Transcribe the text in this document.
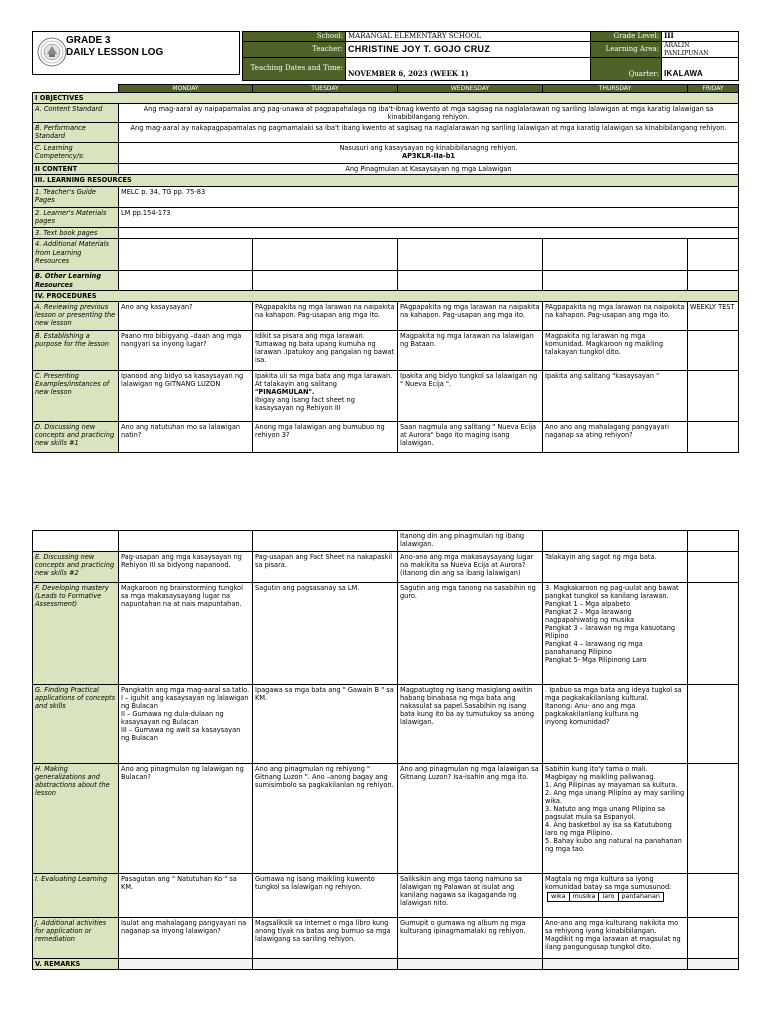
GRADE 3
DAILY LESSON LOG
School:	MARANGAL ELEMENTARY SCHOOL	Grade Level:	III
Teacher:	CHRISTINE JOY T. GOJO CRUZ	Learning Area:	ARALIN PANLIPUNAN
Teaching Dates and Time:	NOVEMBER 6, 2023 (WEEK 1)	Quarter:	IKALAWA
	MONDAY	TUESDAY	WEDNESDAY	THURSDAY	FRIDAY
I OBJECTIVES					
A. Content Standard	Ang mag-aaral ay naipapamalas ang pag-unawa at pagpapahalaga ng iba't-ibnag kwento at mga sagisag na naglalarawan ng sariling lalawigan at mga karatig lalawigan sa kinabibilangang rehiyon.				
B. Performance Standard	Ang mag-aaral ay nakapagpapamalas ng pagmamalaki sa iba't ibang kwento at sagisag na naglalarawan ng sariling lalawigan at mga karatig lalawigan sa kinabibilangang rehiyon.				
C. Learning Competency/s:	Nasusuri ang kasaysayan ng kinabibilanagng rehiyon.
AP3KLR-IIa-b1				

II CONTENT	Ang Pinagmulan at Kasaysayan ng mga Lalawigan				
III. LEARNING RESOURCES					
1. Teacher's Guide Pages	MELC p. 34, TG pp. 75-83				
2. Learner's Materials pages	LM pp.154-173				
3. Text book pages					
4. Additional Materials from Learning Resources					
B. Other Learning Resources					
IV. PROCEDURES					
A. Reviewing previous lesson or presenting the new lesson	Ano ang kasaysayan?	PAgpapakita ng mga larawan na naipakita na kahapon. Pag-usapan ang mga ito.	PAgpapakita ng mga larawan na naipakita na kahapon. Pag-usapan ang mga ito.	PAgpapakita ng mga larawan na naipakita na kahapon. Pag-usapan ang mga ito.	WEEKLY TEST
B. Establishing a purpose for the lesson	Paano mo bibigyang –daan ang mga nangyari sa inyong lugar?	Idikit sa pisara ang mga larawan. Tumawag ng bata upang kumuha ng larawan .Ipatukoy ang pangalan ng bawat isa.	Magpakita ng mga larawan na lalawigan ng Bataan.	Magpakita ng larawan ng mga komunidad. Magkaroon ng maikling talakayan tungkol dito.	
C. Presenting Examples/instances of new lesson	Ipanood ang bidyo sa kasaysayan ng lalawigan ng GITNANG LUZON	Ipakita uli sa mga bata ang mga larawan. At talakayin ang salitang
"PINAGMULAN".
Ibigay ang isang fact sheet ng kasaysayan ng Rehiyon III	Ipakita ang bidyo tungkol sa lalawigan ng " Nueva Ecija ".	Ipakita ang salitang "kasaysayan "	
D. Discussing new concepts and practicing new skills #1	Ano ang natutuhan mo sa lalawigan natin?	Anong mga lalawigan ang bumubuo ng rehiyon 3?	Saan nagmula ang salitang " Nueva Ecija at Aurora" bago ito maging isang lalawigan.	Ano ano ang mahalagang pangyayari naganap sa ating rehiyon?	
			Itanong din ang pinagmulan ng ibang lalawigan.		
E. Discussing new concepts and practicing new skills #2	Pag-usapan ang mga kasaysayan ng Rehiyon III sa bidyong napanood.	Pag-usapan ang Fact Sheet na nakapaskil sa pisara.	Ano-ano ang mga makasaysayang lugar na makikita sa Nueva Ecija at Aurora? (itanong din ang sa ibang lalawigan)	Talakayin ang sagot ng mga bata.	
F. Developing mastery (Leads to Formative Assessment)	Magkaroon ng brainstorming tungkol sa mga makasaysayang lugar na napuntahan na at nais mapuntahan.	Sagutin ang pagsasanay sa LM.	Sagutin ang mga tanong na sasabihin ng guro.	3. Magkakaroon ng pag-uulat ang bawat pangkat tungkol sa kanilang larawan.
Pangkat 1 – Mga alpabeto
Pangkat 2 – Mga larawang nagpapahiwatig ng musika
Pangkat 3 – larawan ng mga kasuotang Pilipino
Pangkat 4 – larawang ng mga panahanang Pilipino
Pangkat 5- Mga Pilipinong Laro	
G. Finding Practical applications of concepts and skills	Pangkatin ang mga mag-aaral sa tatlo.
I – iguhit ang kasaysayan ng lalawigan ng Bulacan
II – Gumawa ng dula-dulaan ng kasaysayan ng Bulacan
III – Gumawa ng awit sa kasaysayan ng Bulacan	Ipagawa sa mga bata ang " Gawain B " sa KM.	Magpatugtog ng isang masiglang awitin habang binabasa ng mga bata ang nakasulat sa papel.Sasabihin ng isang bata kung ito ba ay tumutukoy sa anong lalawigan.	. Ipabuo sa mga bata ang ideya tugkol sa mga pagkakakilanlang kultural.
Itanong: Anu- ano ang mga pagkakakilanlang kultura ng
inyong komunidad?	
H. Making generalizations and abstractions about the lesson	Ano ang pinagmulan ng lalawigan ng Bulacan?	Ano ang pinagmulan ng rehiyong " Gitnang Luzon ". Ano –anong bagay ang sumisimbolo sa pagkakilanlan ng rehiyon.	Ano ang pinagmulan ng mga lalawigan sa Gitnang Luzon? Isa-isahin ang mga ito.	Sabihin kung ito'y tama o mali.
Magbigay ng maikling paliwanag.
1. Ang Pilipinas ay mayaman sa kultura.
2. Ang mga unang Pilipino ay may sariling wika.
3. Natuto ang mga unang Pilipino sa pagsulat mula sa Espanyol.
4. Ang basketbol ay isa sa Katutubong laro ng mga Pilipino.
5. Bahay kubo ang natural na panahanan ng mga tao.	
I. Evaluating Learning	Pasagutan ang " Natutuhan Ko " sa KM.	Gumawa ng isang maikling kuwento tungkol sa lalawigan ng rehiyon.	Saliksikin ang mga taong namuno sa lalawigan ng Palawan at isulat ang kanilang nagawa sa ikagaganda ng lalawigan nito.	
Magtala ng mga kultura sa iyong komunidad batay sa mga sumusunod:
wika	musika	laro	pantahanan

J. Additional activities for application or remediation	Isulat ang mahalagang pangyayari na naganap sa inyong lalawigan?	Magsaliksik sa internet o mga libro kung anong tiyak na batas ang bumuo sa mga lalawigang sa sariling rehiyon.	Gumupit o gumawa ng album ng mga kulturang ipinagmamalaki ng rehiyon.	Ano-ano ang mga kulturang nakikita mo sa rehiyong iyong kinabibilangan.
Magdikit ng mga larawan at magsulat ng ilang pangungusap tungkol dito.	
V. REMARKS					
